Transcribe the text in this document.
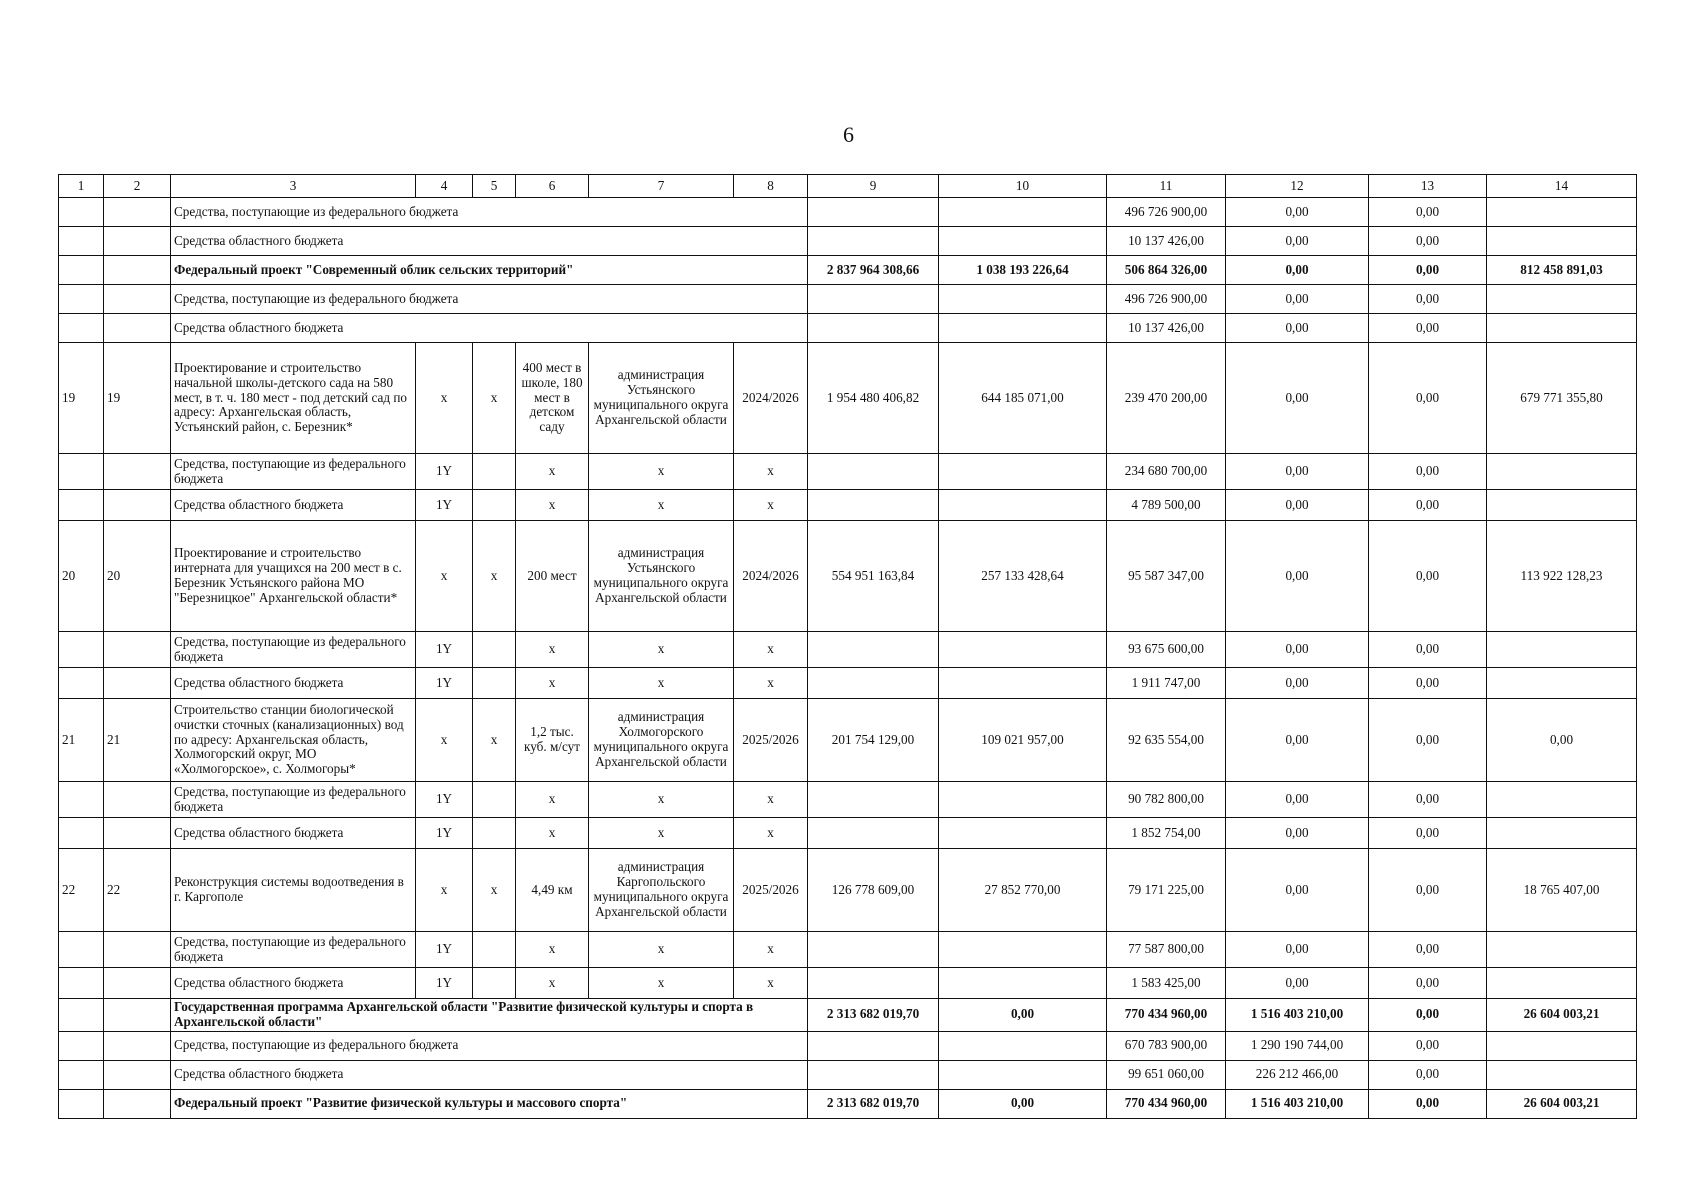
6
1	2	3	4	5	6	7	8	9	10	11	12	13	14
		Средства, поступающие из федерального бюджета								496 726 900,00	0,00	0,00	
		Средства областного бюджета								10 137 426,00	0,00	0,00	
		Федеральный проект "Современный облик сельских территорий"						2 837 964 308,66	1 038 193 226,64	506 864 326,00	0,00	0,00	812 458 891,03
		Средства, поступающие из федерального бюджета								496 726 900,00	0,00	0,00	
		Средства областного бюджета								10 137 426,00	0,00	0,00	
19	19	Проектирование и строительство начальной школы-детского сада на 580 мест, в т. ч. 180 мест - под детский сад по адресу: Архангельская область, Устьянский район, с. Березник*	х	х	400 мест в школе, 180 мест в детском саду	администрация Устьянского муниципального округа Архангельской области	2024/2026	1 954 480 406,82	644 185 071,00	239 470 200,00	0,00	0,00	679 771 355,80
		Средства, поступающие из федерального бюджета	1Y		х	х	х			234 680 700,00	0,00	0,00	
		Средства областного бюджета	1Y		х	х	х			4 789 500,00	0,00	0,00	
20	20	Проектирование и строительство интерната для учащихся на 200 мест в с. Березник Устьянского района МО "Березницкое" Архангельской области*	х	х	200 мест	администрация Устьянского муниципального округа Архангельской области	2024/2026	554 951 163,84	257 133 428,64	95 587 347,00	0,00	0,00	113 922 128,23
		Средства, поступающие из федерального бюджета	1Y		х	х	х			93 675 600,00	0,00	0,00	
		Средства областного бюджета	1Y		х	х	х			1 911 747,00	0,00	0,00	
21	21	Строительство станции биологической очистки сточных (канализационных) вод по адресу: Архангельская область, Холмогорский округ, МО «Холмогорское», с. Холмогоры*	х	х	1,2 тыс. куб. м/сут	администрация Холмогорского муниципального округа Архангельской области	2025/2026	201 754 129,00	109 021 957,00	92 635 554,00	0,00	0,00	0,00
		Средства, поступающие из федерального бюджета	1Y		х	х	х			90 782 800,00	0,00	0,00	
		Средства областного бюджета	1Y		х	х	х			1 852 754,00	0,00	0,00	
22	22	Реконструкция системы водоотведения в г. Каргополе	х	х	4,49 км	администрация Каргопольского муниципального округа Архангельской области	2025/2026	126 778 609,00	27 852 770,00	79 171 225,00	0,00	0,00	18 765 407,00
		Средства, поступающие из федерального бюджета	1Y		х	х	х			77 587 800,00	0,00	0,00	
		Средства областного бюджета	1Y		х	х	х			1 583 425,00	0,00	0,00	
		Государственная программа Архангельской области "Развитие физической культуры и спорта в Архангельской области"						2 313 682 019,70	0,00	770 434 960,00	1 516 403 210,00	0,00	26 604 003,21
		Средства, поступающие из федерального бюджета								670 783 900,00	1 290 190 744,00	0,00	
		Средства областного бюджета								99 651 060,00	226 212 466,00	0,00	
		Федеральный проект "Развитие физической культуры и массового спорта"						2 313 682 019,70	0,00	770 434 960,00	1 516 403 210,00	0,00	26 604 003,21
